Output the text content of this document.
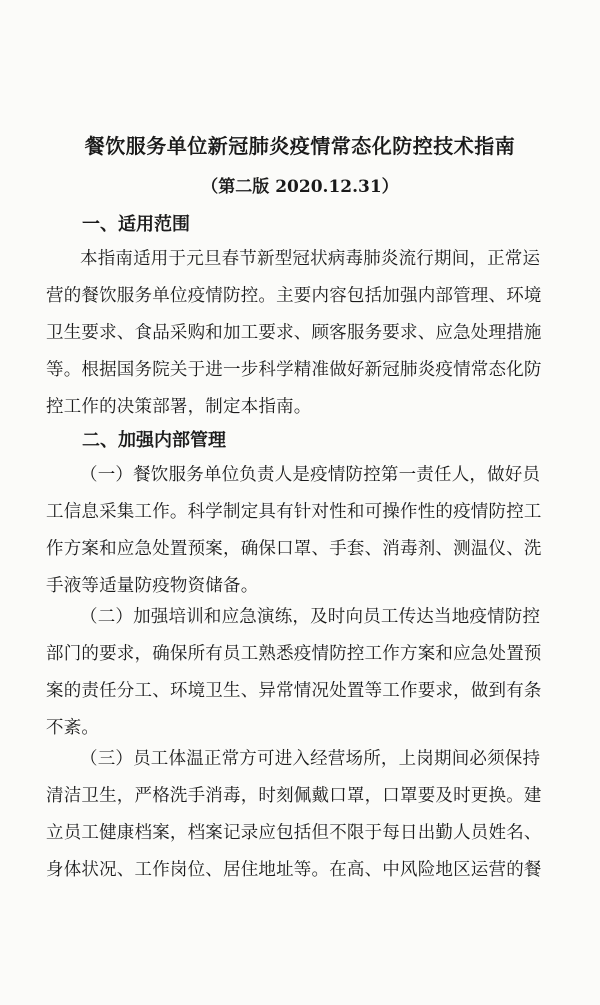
餐饮服务单位新冠肺炎疫情常态化防控技术指南
（第二版 2020.12.31）
一、适用范围
本指南适用于元旦春节新型冠状病毒肺炎流行期间，正常运
营的餐饮服务单位疫情防控。主要内容包括加强内部管理、环境
卫生要求、食品采购和加工要求、顾客服务要求、应急处理措施
等。根据国务院关于进一步科学精准做好新冠肺炎疫情常态化防
控工作的决策部署，制定本指南。
二、加强内部管理
（一）餐饮服务单位负责人是疫情防控第一责任人，做好员
工信息采集工作。科学制定具有针对性和可操作性的疫情防控工
作方案和应急处置预案，确保口罩、手套、消毒剂、测温仪、洗
手液等适量防疫物资储备。
（二）加强培训和应急演练，及时向员工传达当地疫情防控
部门的要求，确保所有员工熟悉疫情防控工作方案和应急处置预
案的责任分工、环境卫生、异常情况处置等工作要求，做到有条
不紊。
（三）员工体温正常方可进入经营场所，上岗期间必须保持
清洁卫生，严格洗手消毒，时刻佩戴口罩，口罩要及时更换。建
立员工健康档案，档案记录应包括但不限于每日出勤人员姓名、
身体状况、工作岗位、居住地址等。在高、中风险地区运营的餐
